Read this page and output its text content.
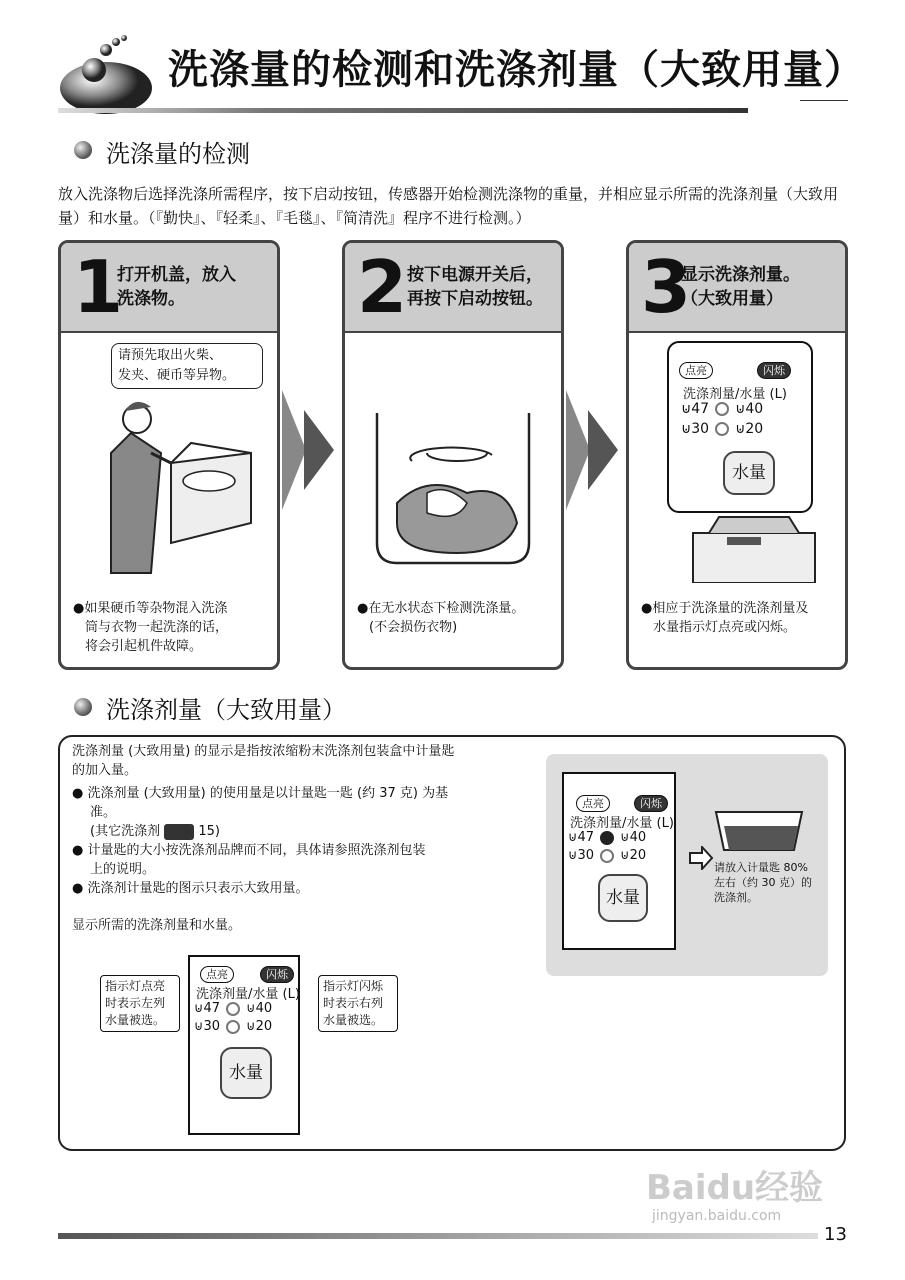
洗涤量的检测和洗涤剂量（大致用量）
洗涤量的检测
放入洗涤物后选择洗涤所需程序，按下启动按钮，传感器开始检测洗涤物的重量，并相应显示所需的洗涤剂量（大致用量）和水量。（『勤快』、『轻柔』、『毛毯』、『简清洗』程序不进行检测。）
1
打开机盖，放入
洗涤物。
请预先取出火柴、
发夹、硬币等异物。
●如果硬币等杂物混入洗涤
筒与衣物一起洗涤的话，
将会引起机件故障。
2 按下电源开关后，
再按下启动按钮。
●在无水状态下检测洗涤量。
(不会损伤衣物)
3
显示洗涤剂量。
（大致用量）
点亮	闪烁
洗涤剂量/水量 (L)
⊍47 ⊍40
⊍30 ⊍20
水量
●相应于洗涤量的洗涤剂量及
水量指示灯点亮或闪烁。
洗涤剂量（大致用量）
洗涤剂量 (大致用量) 的显示是指按浓缩粉末洗涤剂包装盒中计量匙
的加入量。
● 洗涤剂量 (大致用量) 的使用量是以计量匙一匙 (约 37 克) 为基
准。
(其它洗涤剂	15)
● 计量匙的大小按洗涤剂品牌而不同，具体请参照洗涤剂包装
上的说明。
● 洗涤剂计量匙的图示只表示大致用量。
显示所需的洗涤剂量和水量。
指示灯点亮
时表示左列
水量被选。
点亮	闪烁
洗涤剂量/水量 (L)
⊍47 ⊍40
⊍30 ⊍20
水量
指示灯闪烁
时表示右列
水量被选。
点亮	闪烁
洗涤剂量/水量 (L)
⊍47 ⊍40
⊍30 ⊍20
水量
请放入计量匙 80%
左右（约 30 克）的
洗涤剂。
Baidu经验
jingyan.baidu.com
13
